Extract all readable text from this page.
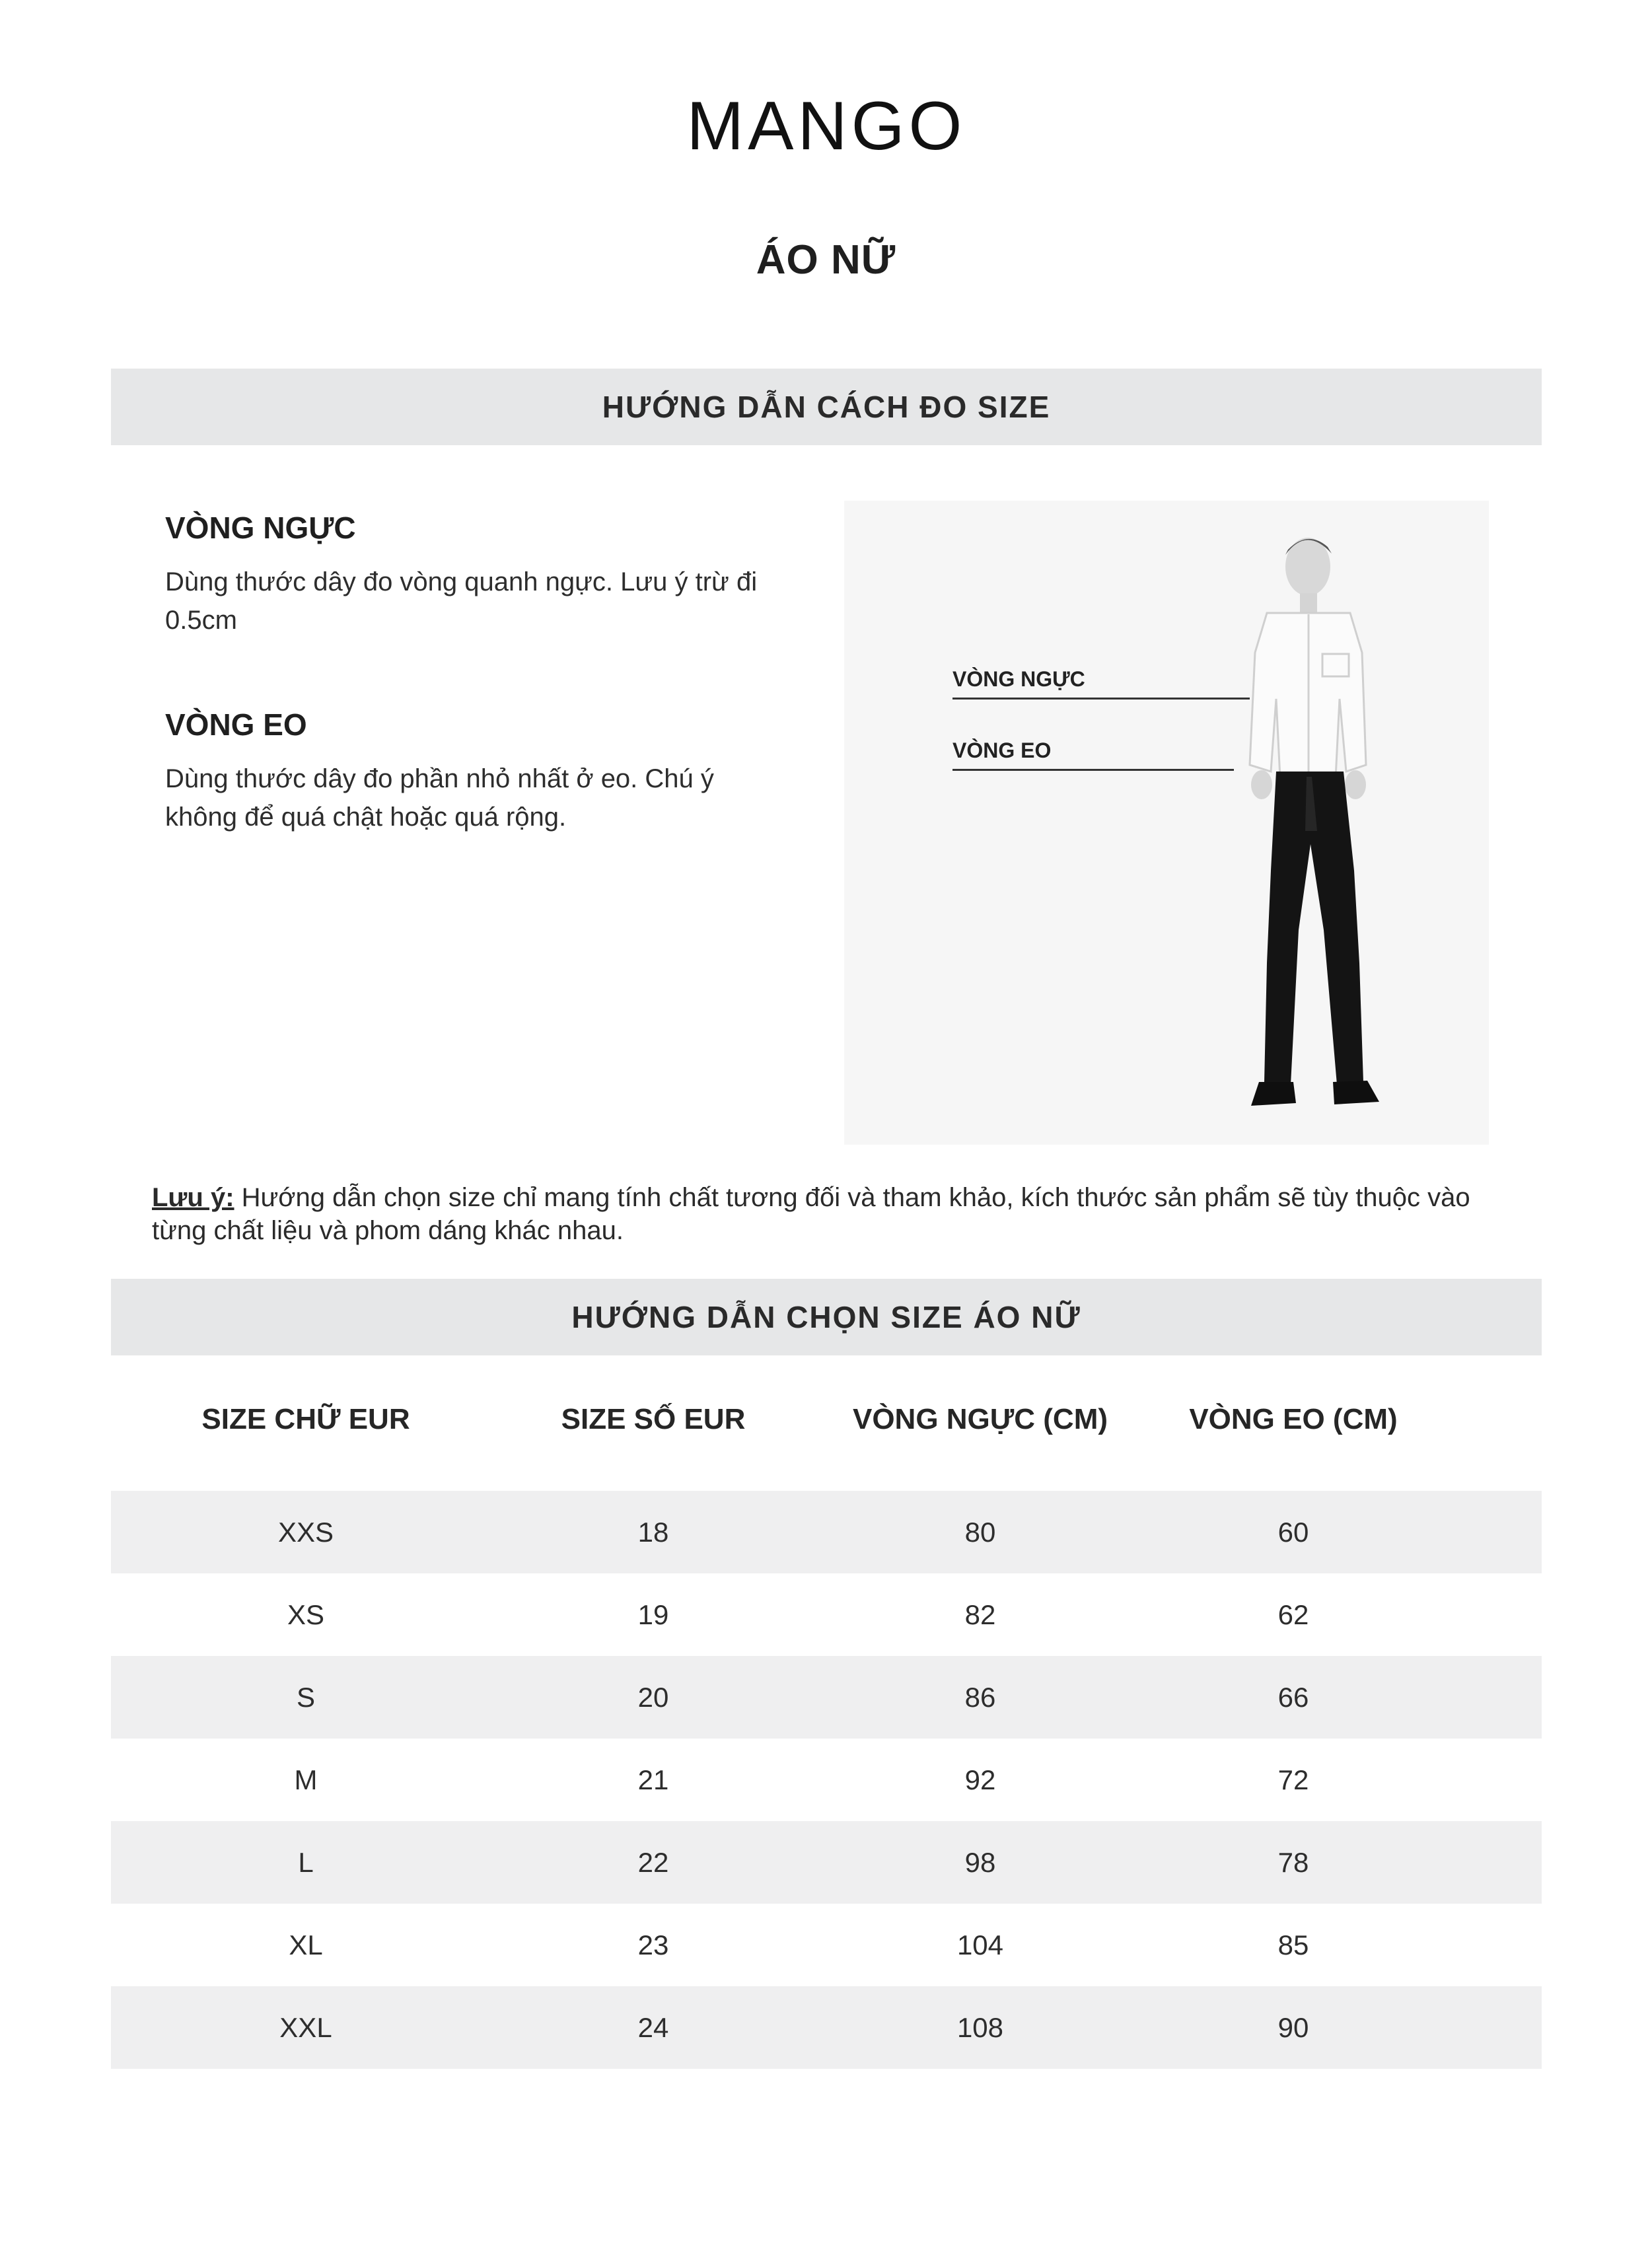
MANGO
ÁO NỮ
HƯỚNG DẪN CÁCH ĐO SIZE
VÒNG NGỰC

Dùng thước dây đo vòng quanh ngực. Lưu ý trừ đi 0.5cm

VÒNG EO

Dùng thước dây đo phần nhỏ nhất ở eo. Chú ý không để quá chật hoặc quá rộng.

VÒNG NGỰC
VÒNG EO
Lưu ý: Hướng dẫn chọn size chỉ mang tính chất tương đối và tham khảo, kích thước sản phẩm sẽ tùy thuộc vào từng chất liệu và phom dáng khác nhau.
HƯỚNG DẪN CHỌN SIZE ÁO NỮ
SIZE CHỮ EUR	SIZE SỐ EUR	VÒNG NGỰC (CM)	VÒNG EO (CM)
XXS	18	80	60
XS	19	82	62
S	20	86	66
M	21	92	72
L	22	98	78
XL	23	104	85
XXL	24	108	90
